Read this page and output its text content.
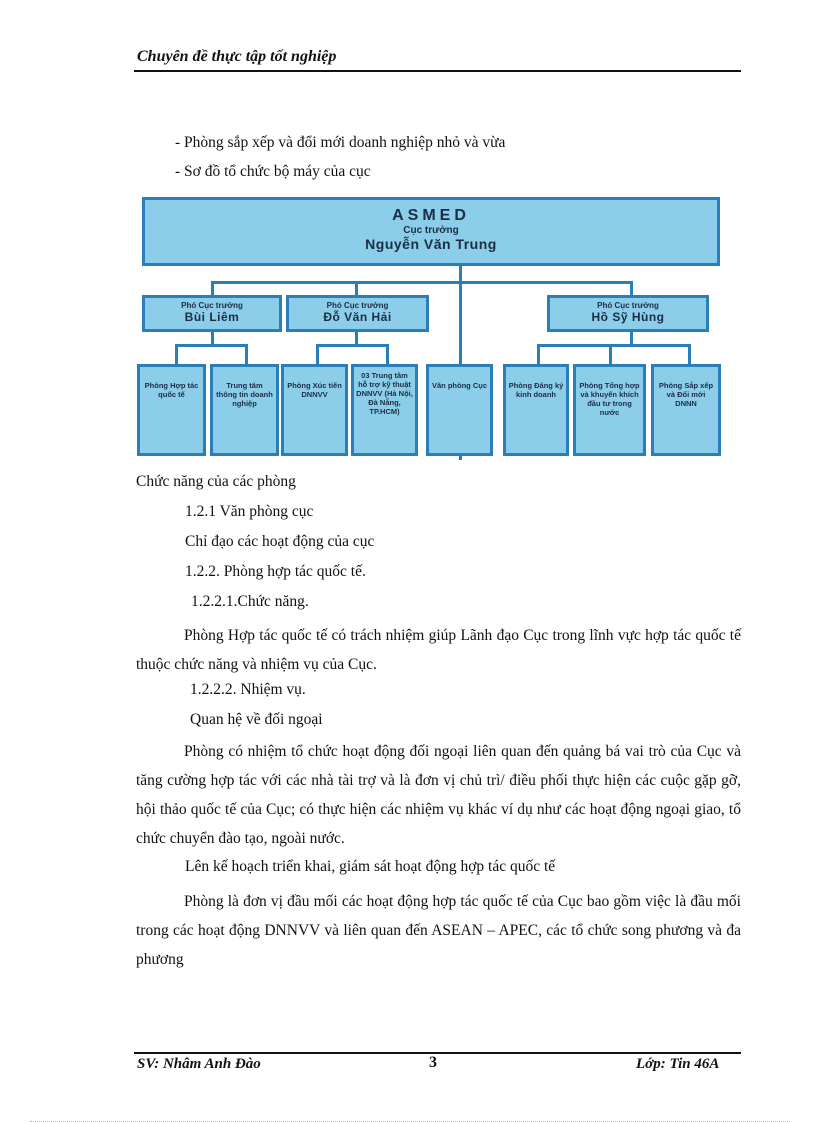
Chuyên đề thực tập tốt nghiệp
- Phòng sắp xếp và đổi mới doanh nghiệp nhỏ và vừa
- Sơ đồ tổ chức bộ máy của cục
ASMED
Cục trưởng
Nguyễn Văn Trung
Phó Cục trưởng
Bùi Liêm
Phó Cục trưởng
Đỗ Văn Hải
Phó Cục trưởng
Hồ Sỹ Hùng
Phòng Hợp tác quốc tế
Trung tâm thông tin doanh nghiệp
Phòng Xúc tiến DNNVV
03 Trung tâm hỗ trợ kỹ thuật DNNVV (Hà Nội, Đà Nẵng, TP.HCM)
Văn phòng Cục	Phòng Đăng ký kinh doanh
Phòng Tổng hợp và khuyến khích đầu tư trong nước
Phòng Sắp xếp và Đổi mới DNNN
Chức năng của các phòng
1.2.1 Văn phòng cục
Chỉ đạo các hoạt động của cục
1.2.2. Phòng hợp tác quốc tế.
1.2.2.1.Chức năng.
Phòng Hợp tác quốc tế có trách nhiệm giúp Lãnh đạo Cục trong lĩnh vực hợp tác quốc tế thuộc chức năng và nhiệm vụ của Cục.
1.2.2.2. Nhiệm vụ.
Quan hệ về đối ngoại
Phòng có nhiệm tổ chức hoạt động đối ngoại liên quan đến quảng bá vai trò của Cục và tăng cường hợp tác với các nhà tài trợ và là đơn vị chủ trì/ điều phối thực hiện các cuộc gặp gỡ, hội thảo quốc tế của Cục; có thực hiện các nhiệm vụ khác ví dụ như các hoạt động ngoại giao, tổ chức chuyển đào tạo, ngoài nước.
Lên kế hoạch triển khai, giám sát hoạt động hợp tác quốc tế
Phòng là đơn vị đầu mối các hoạt động hợp tác quốc tế của Cục bao gồm việc là đầu mối trong các hoạt động DNNVV và liên quan đến ASEAN – APEC, các tổ chức song phương và đa phương
SV: Nhâm Anh Đào	3	Lớp: Tin 46A
